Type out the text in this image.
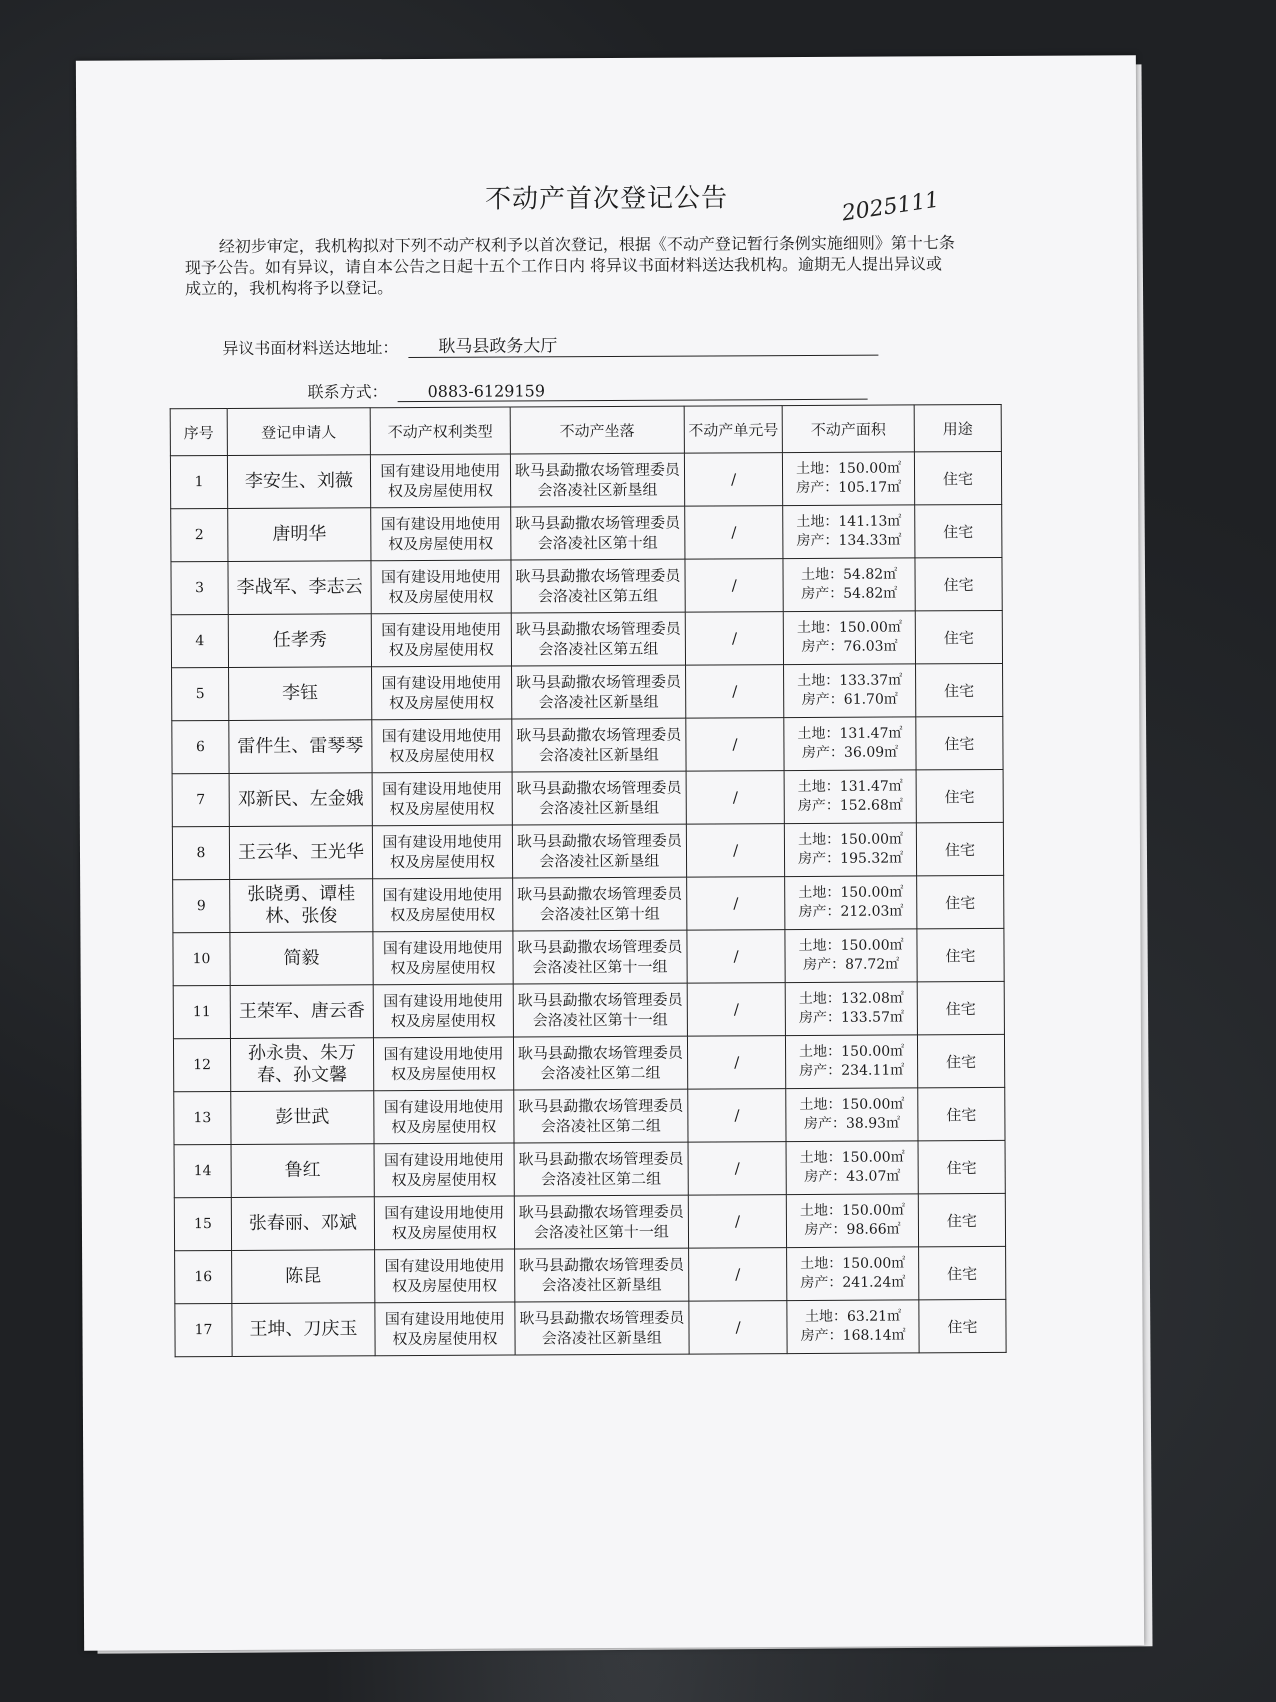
不动产首次登记公告	2025111
经初步审定，我机构拟对下列不动产权利予以首次登记，根据《不动产登记暂行条例实施细则》第十七条
现予公告。如有异议，请自本公告之日起十五个工作日内 将异议书面材料送达我机构。逾期无人提出异议或
成立的，我机构将予以登记。
异议书面材料送达地址：	耿马县政务大厅
联系方式：	0883-6129159
序号	登记申请人	不动产权利类型	不动产坐落	不动产单元号	不动产面积	用途
1	李安生、刘薇	国有建设用地使用权及房屋使用权	耿马县勐撒农场管理委员会洛凌社区新垦组	/	土地：150.00㎡
房产：105.17㎡	住宅
2	唐明华	国有建设用地使用权及房屋使用权	耿马县勐撒农场管理委员会洛凌社区第十组	/	土地：141.13㎡
房产：134.33㎡	住宅
3	李战军、李志云	国有建设用地使用权及房屋使用权	耿马县勐撒农场管理委员会洛凌社区第五组	/	土地：54.82㎡
房产：54.82㎡	住宅
4	任孝秀	国有建设用地使用权及房屋使用权	耿马县勐撒农场管理委员会洛凌社区第五组	/	土地：150.00㎡
房产：76.03㎡	住宅
5	李钰	国有建设用地使用权及房屋使用权	耿马县勐撒农场管理委员会洛凌社区新垦组	/	土地：133.37㎡
房产：61.70㎡	住宅
6	雷件生、雷琴琴	国有建设用地使用权及房屋使用权	耿马县勐撒农场管理委员会洛凌社区新垦组	/	土地：131.47㎡
房产：36.09㎡	住宅
7	邓新民、左金娥	国有建设用地使用权及房屋使用权	耿马县勐撒农场管理委员会洛凌社区新垦组	/	土地：131.47㎡
房产：152.68㎡	住宅
8	王云华、王光华	国有建设用地使用权及房屋使用权	耿马县勐撒农场管理委员会洛凌社区新垦组	/	土地：150.00㎡
房产：195.32㎡	住宅
9	张晓勇、谭桂林、张俊	国有建设用地使用权及房屋使用权	耿马县勐撒农场管理委员会洛凌社区第十组	/	土地：150.00㎡
房产：212.03㎡	住宅
10	简毅	国有建设用地使用权及房屋使用权	耿马县勐撒农场管理委员会洛凌社区第十一组	/	土地：150.00㎡
房产：87.72㎡	住宅
11	王荣军、唐云香	国有建设用地使用权及房屋使用权	耿马县勐撒农场管理委员会洛凌社区第十一组	/	土地：132.08㎡
房产：133.57㎡	住宅
12	孙永贵、朱万春、孙文馨	国有建设用地使用权及房屋使用权	耿马县勐撒农场管理委员会洛凌社区第二组	/	土地：150.00㎡
房产：234.11㎡	住宅
13	彭世武	国有建设用地使用权及房屋使用权	耿马县勐撒农场管理委员会洛凌社区第二组	/	土地：150.00㎡
房产：38.93㎡	住宅
14	鲁红	国有建设用地使用权及房屋使用权	耿马县勐撒农场管理委员会洛凌社区第二组	/	土地：150.00㎡
房产：43.07㎡	住宅
15	张春丽、邓斌	国有建设用地使用权及房屋使用权	耿马县勐撒农场管理委员会洛凌社区第十一组	/	土地：150.00㎡
房产：98.66㎡	住宅
16	陈昆	国有建设用地使用权及房屋使用权	耿马县勐撒农场管理委员会洛凌社区新垦组	/	土地：150.00㎡
房产：241.24㎡	住宅
17	王坤、刀庆玉	国有建设用地使用权及房屋使用权	耿马县勐撒农场管理委员会洛凌社区新垦组	/	土地：63.21㎡
房产：168.14㎡	住宅
